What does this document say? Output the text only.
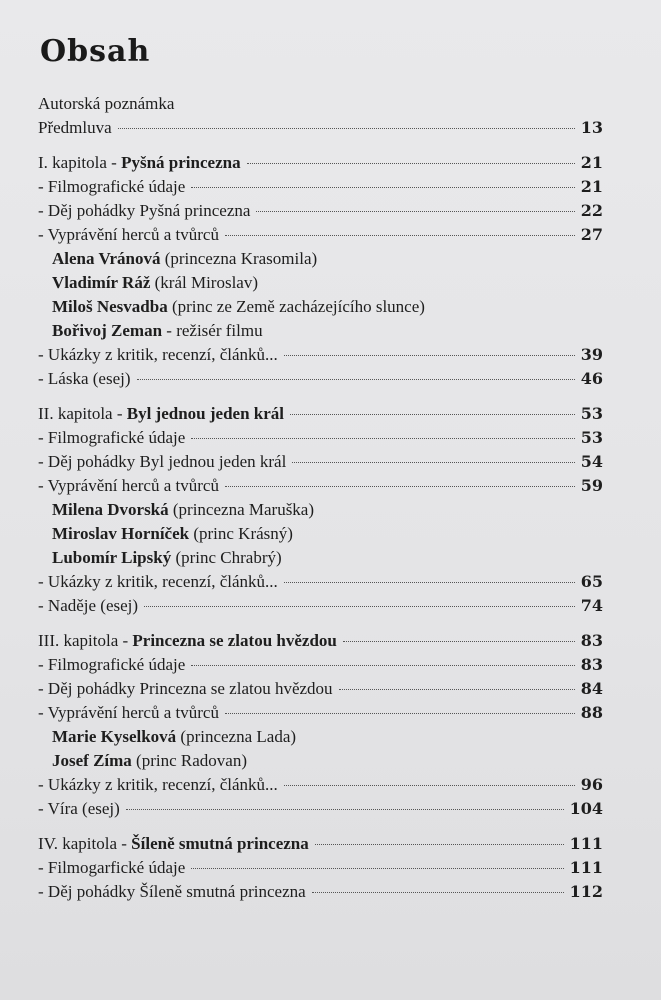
Obsah
Autorská poznámka
Předmluva	13
I. kapitola - Pyšná princezna	21
- Filmografické údaje	21
- Děj pohádky Pyšná princezna	22
- Vyprávění herců a tvůrců	27
Alena Vránová (princezna Krasomila)
Vladimír Ráž (král Miroslav)
Miloš Nesvadba (princ ze Země zacházejícího slunce)
Bořivoj Zeman - režisér filmu
- Ukázky z kritik, recenzí, článků...	39
- Láska (esej)	46
II. kapitola - Byl jednou jeden král	53
- Filmografické údaje	53
- Děj pohádky Byl jednou jeden král	54
- Vyprávění herců a tvůrců	59
Milena Dvorská (princezna Maruška)
Miroslav Horníček (princ Krásný)
Lubomír Lipský (princ Chrabrý)
- Ukázky z kritik, recenzí, článků...	65
- Naděje (esej)	74
III. kapitola - Princezna se zlatou hvězdou	83
- Filmografické údaje	83
- Děj pohádky Princezna se zlatou hvězdou	84
- Vyprávění herců a tvůrců	88
Marie Kyselková (princezna Lada)
Josef Zíma (princ Radovan)
- Ukázky z kritik, recenzí, článků...	96
- Víra (esej)	104
IV. kapitola - Šíleně smutná princezna	111
- Filmogarfické údaje	111
- Děj pohádky Šíleně smutná princezna	112
